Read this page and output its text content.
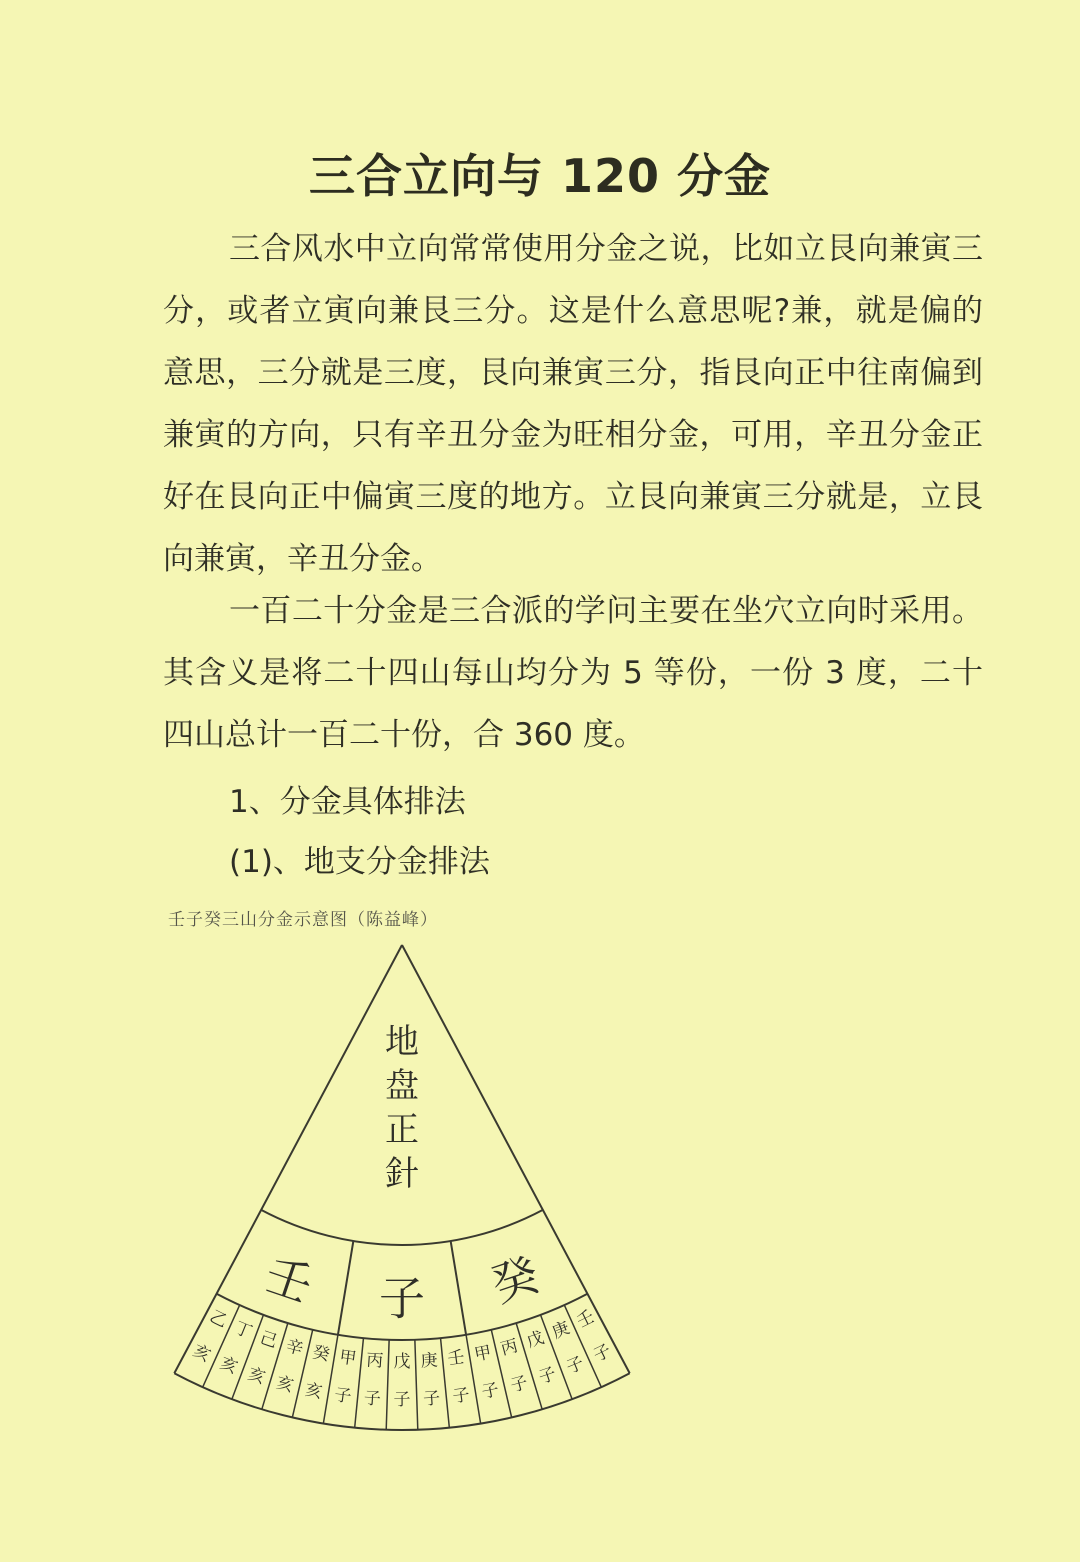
三合立向与 120 分金

三合风水中立向常常使用分金之说，比如立艮向兼寅三分，或者立寅向兼艮三分。这是什么意思呢?兼，就是偏的意思，三分就是三度，艮向兼寅三分，指艮向正中往南偏到兼寅的方向，只有辛丑分金为旺相分金，可用，辛丑分金正好在艮向正中偏寅三度的地方。立艮向兼寅三分就是，立艮向兼寅，辛丑分金。

一百二十分金是三合派的学问主要在坐穴立向时采用。其含义是将二十四山每山均分为 5 等份，一份 3 度，二十四山总计一百二十份，合 360 度。

1、分金具体排法

(1)、地支分金排法

壬子癸三山分金示意图（陈益峰）
地
盘
正
針
癸
子
壬
壬
子
庚
子
戊
子
丙
子
甲
子
壬
子
庚
子
戊
子
丙
子
甲
子
癸
亥
辛
亥
己
亥
丁
亥
乙
亥
